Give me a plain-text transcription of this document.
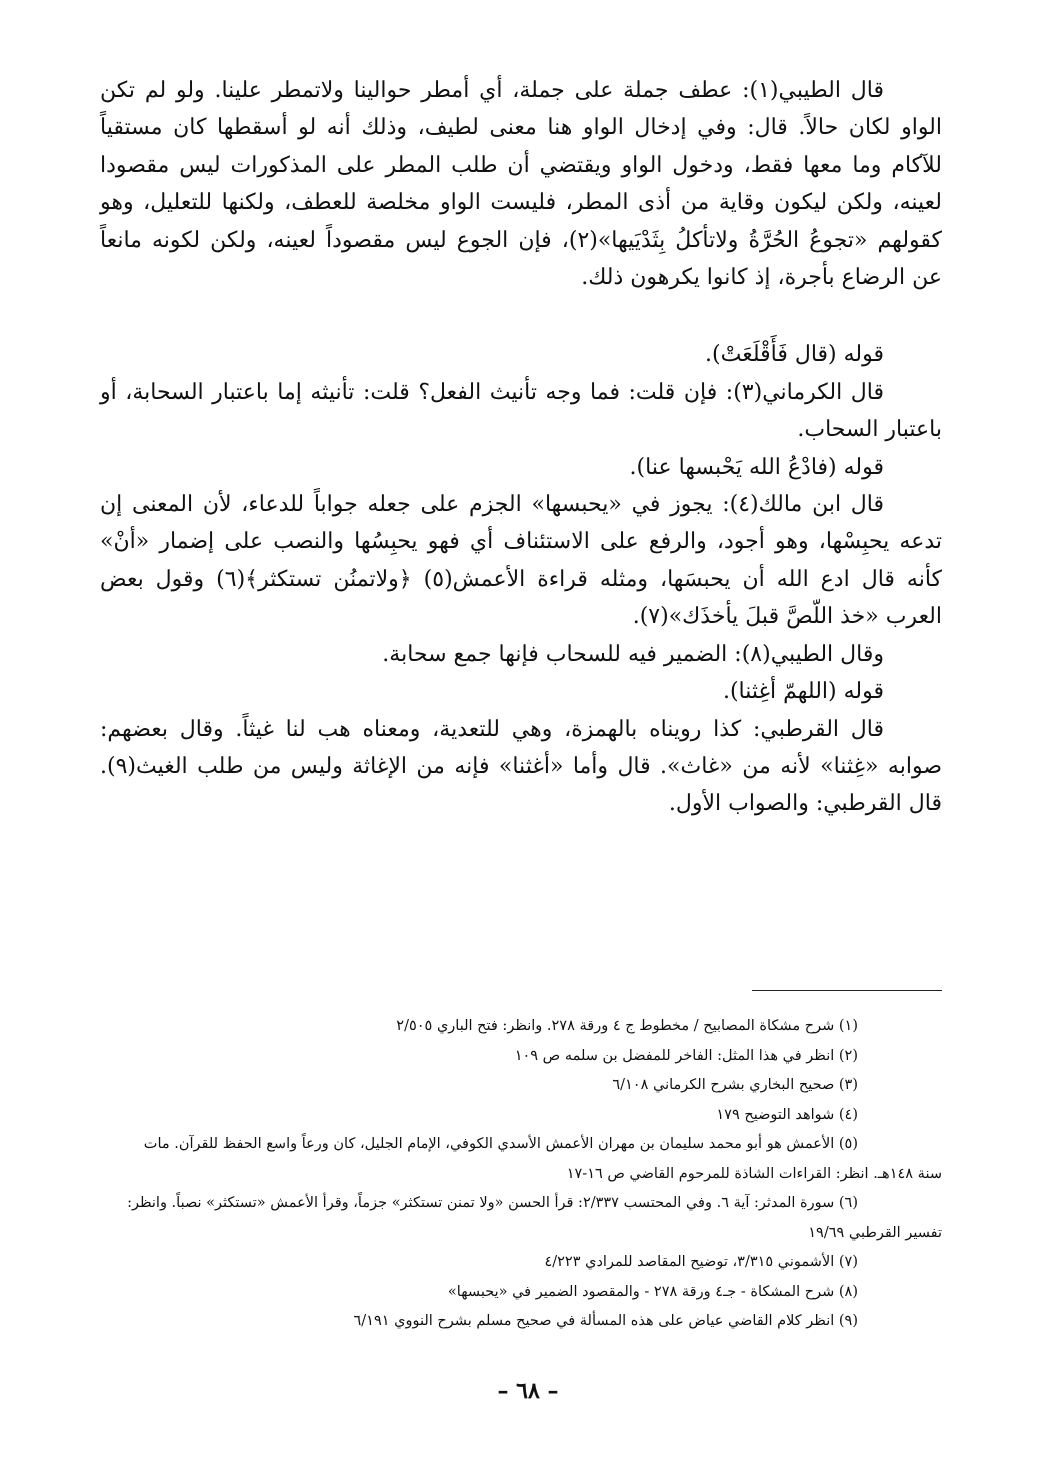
قال الطيبي(١): عطف جملة على جملة، أي أمطر حوالينا ولاتمطر علينا. ولو لم تكن الواو لكان حالاً. قال: وفي إدخال الواو هنا معنى لطيف، وذلك أنه لو أسقطها كان مستقياً للآكام وما معها فقط، ودخول الواو ويقتضي أن طلب المطر على المذكورات ليس مقصودا لعينه، ولكن ليكون وقاية من أذى المطر، فليست الواو مخلصة للعطف، ولكنها للتعليل، وهو كقولهم «تجوعُ الحُرَّةُ ولاتأكلُ بِثَدْيَيها»(٢)، فإن الجوع ليس مقصوداً لعينه، ولكن لكونه مانعاً عن الرضاع بأجرة، إذ كانوا يكرهون ذلك.

قوله (قال فَأَقْلَعَتْ).

قال الكرماني(٣): فإن قلت: فما وجه تأنيث الفعل؟ قلت: تأنيثه إما باعتبار السحابة، أو باعتبار السحاب.

قوله (فادْعُ الله يَحْبسها عنا).

قال ابن مالك(٤): يجوز في «يحبسها» الجزم على جعله جواباً للدعاء، لأن المعنى إن تدعه يحبِسْها، وهو أجود، والرفع على الاستئناف أي فهو يحبِسُها والنصب على إضمار «أنْ» كأنه قال ادع الله أن يحبسَها، ومثله قراءة الأعمش(٥) ﴿ولاتمنُن تستكثر﴾(٦) وقول بعض العرب «خذ اللّصَّ قبلَ يأخذَك»(٧).

وقال الطيبي(٨): الضمير فيه للسحاب فإنها جمع سحابة.

قوله (اللهمّ أغِثنا).

قال القرطبي: كذا رويناه بالهمزة، وهي للتعدية، ومعناه هب لنا غيثاً. وقال بعضهم: صوابه «غِثنا» لأنه من «غاث». قال وأما «أغثنا» فإنه من الإغاثة وليس من طلب الغيث(٩). قال القرطبي: والصواب الأول.

(١) شرح مشكاة المصابيح / مخطوط ج ٤ ورقة ٢٧٨. وانظر: فتح الباري ٢/٥٠٥

(٢) انظر في هذا المثل: الفاخر للمفضل بن سلمه ص ١٠٩

(٣) صحيح البخاري بشرح الكرماني ٦/١٠٨

(٤) شواهد التوضيح ١٧٩

(٥) الأعمش هو أبو محمد سليمان بن مهران الأعمش الأسدي الكوفي، الإمام الجليل، كان ورعاً واسع الحفظ للقرآن. مات

سنة ١٤٨هـ. انظر: القراءات الشاذة للمرحوم القاضي ص ١٦-١٧

(٦) سورة المدثر: آية ٦. وفي المحتسب ٢/٣٣٧: قرأ الحسن «ولا تمنن تستكثر» جزماً، وقرأ الأعمش «تستكثر» نصباً. وانظر:

تفسير القرطبي ١٩/٦٩

(٧) الأشموني ٣/٣١٥، توضيح المقاصد للمرادي ٤/٢٢٣

(٨) شرح المشكاة - جـ٤ ورقة ٢٧٨ - والمقصود الضمير في «يحبسها»

(٩) انظر كلام القاضي عياض على هذه المسألة في صحيح مسلم بشرح النووي ٦/١٩١

– ٦٨ –
